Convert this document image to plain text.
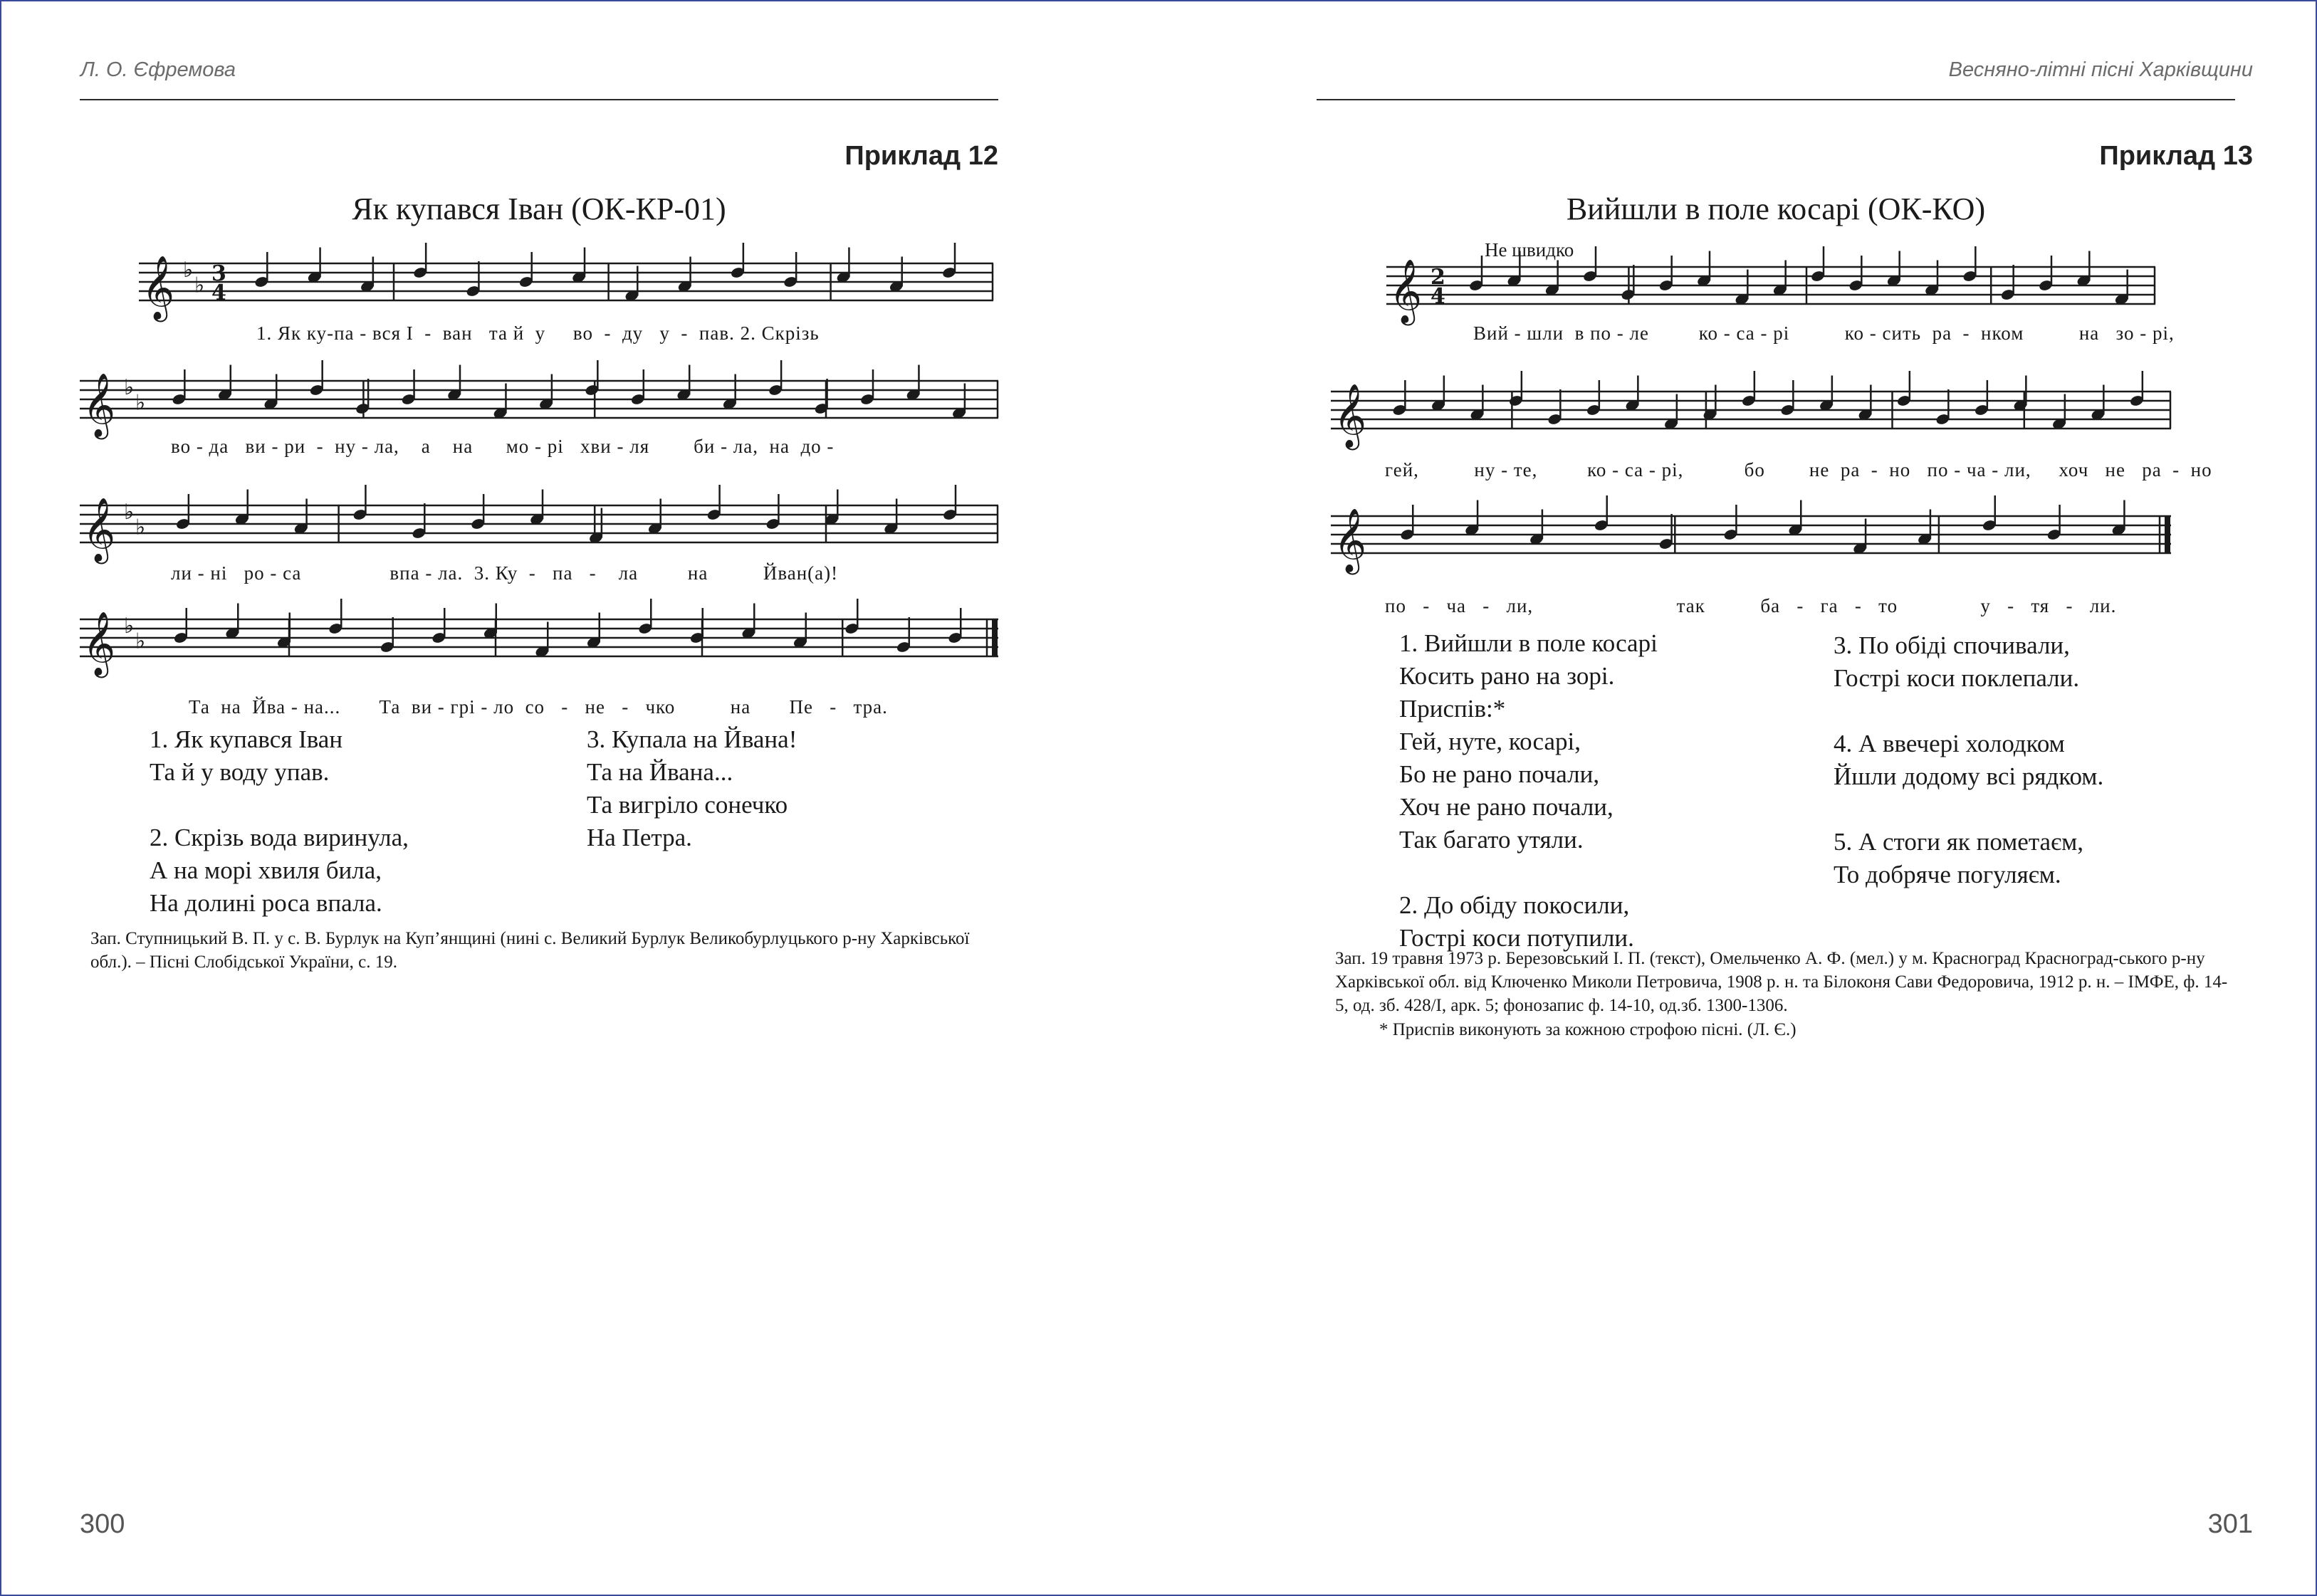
Л. О. Єфремова
Приклад 12
Як купався Іван (ОК-КР-01)
𝄞 ♭
♭ 3
4
1. Як ку-па - вся І  -  ван   та й  у     во  -  ду   у  -  пав. 2. Скрізь
𝄞 ♭
♭
во - да   ви - ри  -  ну - ла,    а    на      мо - рі   хви - ля        би - ла,  на  до -
𝄞 ♭
♭
ли - ні   ро - са                впа - ла.  3. Ку  -   па   -    ла         на          Йван(а)!
𝄞 ♭
♭
Та  на  Йва - на...       Та  ви - грі - ло  со   -   не   -   чко          на       Пе   -   тра.
1. Як купався Іван
Та й у воду упав.

2. Скрізь вода виринула,
А на морі хвиля била,
На долині роса впала.
3. Купала на Йвана!
Та на Йвана...
Та вигріло сонечко
На Петра.
Зап. Ступницький В. П. у с. В. Бурлук на Куп’янщині (нині с. Великий Бурлук Великобурлуцького р-ну Харківської обл.). – Пісні Слобідської України, с. 19.
300
Весняно-літні пісні Харківщини
Приклад 13
Вийшли в поле косарі (ОК-КО)
Не швидко
𝄞 2
4
Вий - шли  в по - ле         ко - са - рі          ко - сить  ра  -  нком          на   зо - рі,
𝄞
гей,          ну - те,         ко - са - рі,           бо        не  ра  -  но   по - ча - ли,     хоч   не   ра  -  но
𝄞
по   -   ча   -   ли,                          так          ба   -   га   -   то               у   -   тя   -   ли.
1. Вийшли в поле косарі
Косить рано на зорі.
Приспів:*
Гей, нуте, косарі,
Бо не рано почали,
Хоч не рано почали,
Так багато утяли.

2. До обіду покосили,
Гострі коси потупили.
3. По обіді спочивали,
Гострі коси поклепали.

4. А ввечері холодком
Йшли додому всі рядком.

5. А стоги як пометаєм,
То добряче погуляєм.
Зап. 19 травня 1973 р. Березовський І. П. (текст), Омельченко А. Ф. (мел.) у м. Красноград Красноград-ського р-ну Харківської обл. від Ключенко Миколи Петровича, 1908 р. н. та Білоконя Сави Федоровича, 1912 р. н. – ІМФЕ, ф. 14-5, од. зб. 428/І, арк. 5; фонозапис ф. 14-10, од.зб. 1300-1306.
* Приспів виконують за кожною строфою пісні. (Л. Є.)
301
